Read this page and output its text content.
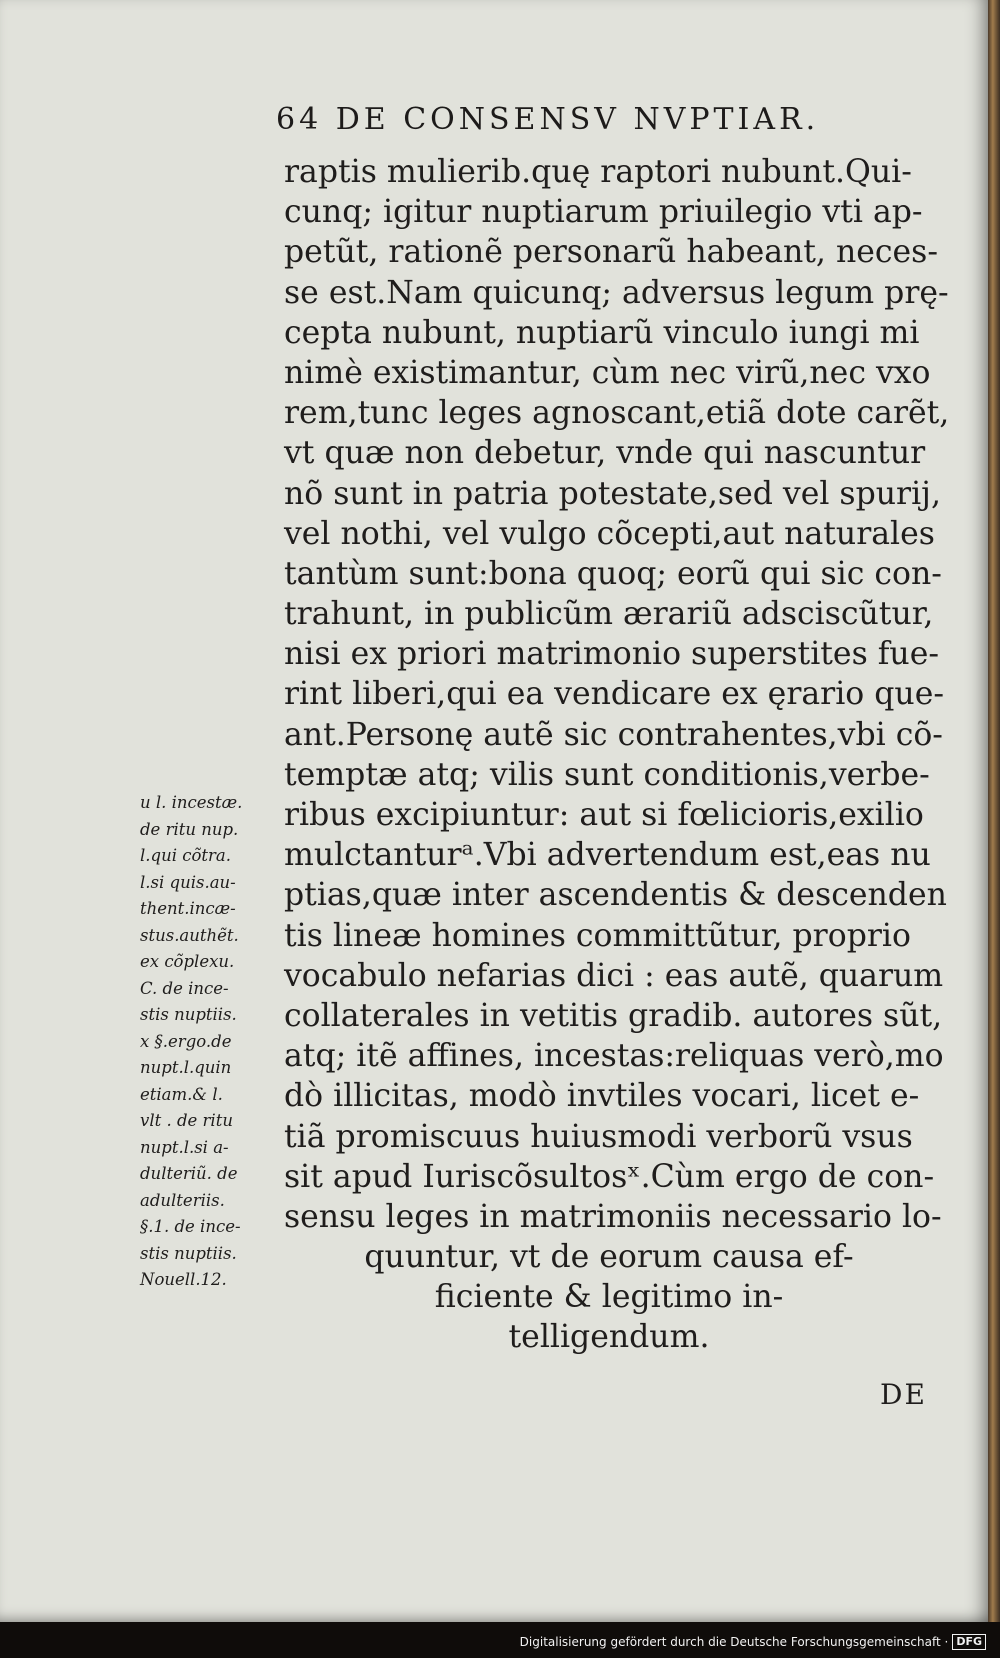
64 DE CONSENSV NVPTIAR.
raptis mulierib.quę raptori nubunt.Qui-
cunq; igitur nuptiarum priuilegio vti ap-
petũt, rationẽ personarũ habeant, neces-
se est.Nam quicunq; adversus legum prę-
cepta nubunt, nuptiarũ vinculo iungi mi
nimè existimantur, cùm nec virũ,nec vxo
rem,tunc leges agnoscant,etiã dote carẽt,
vt quæ non debetur, vnde qui nascuntur
nõ sunt in patria potestate,sed vel spurij,
vel nothi, vel vulgo cõcepti,aut naturales
tantùm sunt:bona quoq; eorũ qui sic con-
trahunt, in publicũm ærariũ adsciscũtur,
nisi ex priori matrimonio superstites fue-
rint liberi,qui ea vendicare ex ęrario que-
ant.Personę autẽ sic contrahentes,vbi cõ-
temptæ atq; vilis sunt conditionis,verbe-
ribus excipiuntur: aut si fœlicioris,exilio
mulctanturᵃ.Vbi advertendum est,eas nu
ptias,quæ inter ascendentis & descenden
tis lineæ homines committũtur, proprio
vocabulo nefarias dici : eas autẽ, quarum
collaterales in vetitis gradib. autores sũt,
atq; itẽ affines, incestas:reliquas verò,mo
dò illicitas, modò invtiles vocari, licet e-
tiã promiscuus huiusmodi verborũ vsus
sit apud Iuriscõsultosˣ.Cùm ergo de con-
sensu leges in matrimoniis necessario lo-
quuntur, vt de eorum causa ef-
ficiente & legitimo in-
telligendum.
u l. incestæ.
de ritu nup.
l.qui cõtra.
l.si quis.au-
thent.incæ-
stus.authẽt.
ex cõplexu.
C. de ince-
stis nuptiis.
x §.ergo.de
nupt.l.quin
etiam.& l.
vlt . de ritu
nupt.l.si a-
dulteriũ. de
adulteriis.
§.1. de ince-
stis nuptiis.
Nouell.12.
DE
Digitalisierung gefördert durch die Deutsche Forschungsgemeinschaft · DFG
